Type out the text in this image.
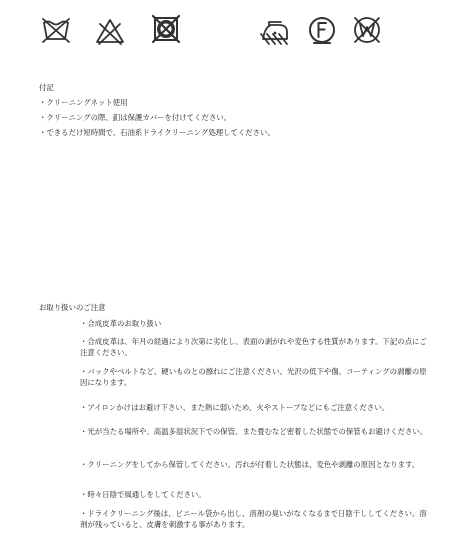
付記
・クリーニングネット使用
・クリーニングの際、釦は保護カバーを付けてください。
・できるだけ短時間で、石油系ドライクリーニング処理してください。
お取り扱いのご注意
・合成皮革のお取り扱い
・合成皮革は、年月の経過により次第に劣化し、表面の剥がれや変色する性質があります。下記の点にご注意ください。
・バックやベルトなど、硬いものとの擦れにご注意ください。光沢の低下や傷、コーティングの剥離の原因になります。
・アイロンかけはお避け下さい、また熱に弱いため、火やストーブなどにもご注意ください。
・光が当たる場所や、高温多湿状況下での保管、また畳むなど密着した状態での保管もお避けください。
・クリーニングをしてから保管してください。汚れが付着した状態は、変色や剥離の原因となります。
・時々日陰で風通しをしてください。
・ドライクリーニング後は、ビニール袋から出し、溶剤の臭いがなくなるまで日陰干ししてください。溶剤が残っていると、皮膚を刺激する事があります。
